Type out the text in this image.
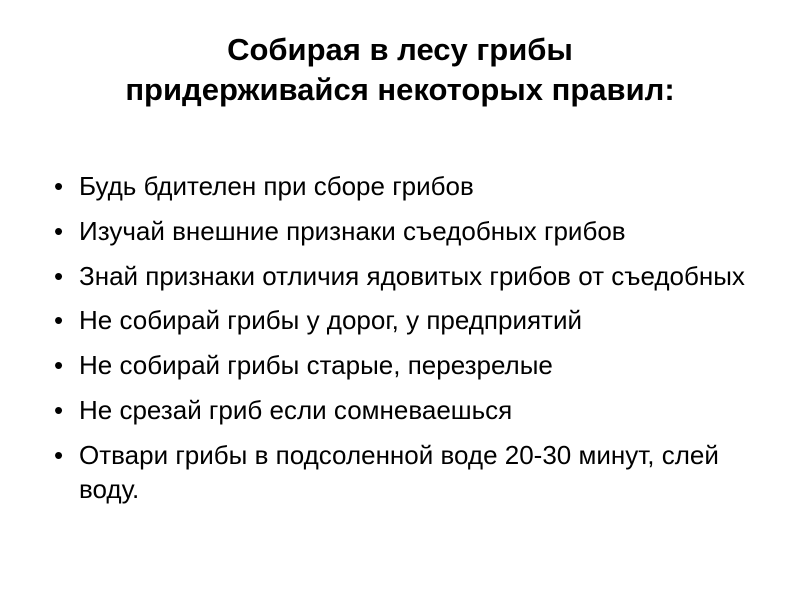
Собирая в лесу грибы
придерживайся некоторых правил:
• Будь бдителен при сборе грибов
• Изучай внешние признаки съедобных грибов
• Знай признаки отличия ядовитых грибов от съедобных
• Не собирай грибы у дорог, у предприятий
• Не собирай грибы старые, перезрелые
• Не срезай гриб если сомневаешься
• Отвари грибы в подсоленной воде 20-30 минут, слей воду.
